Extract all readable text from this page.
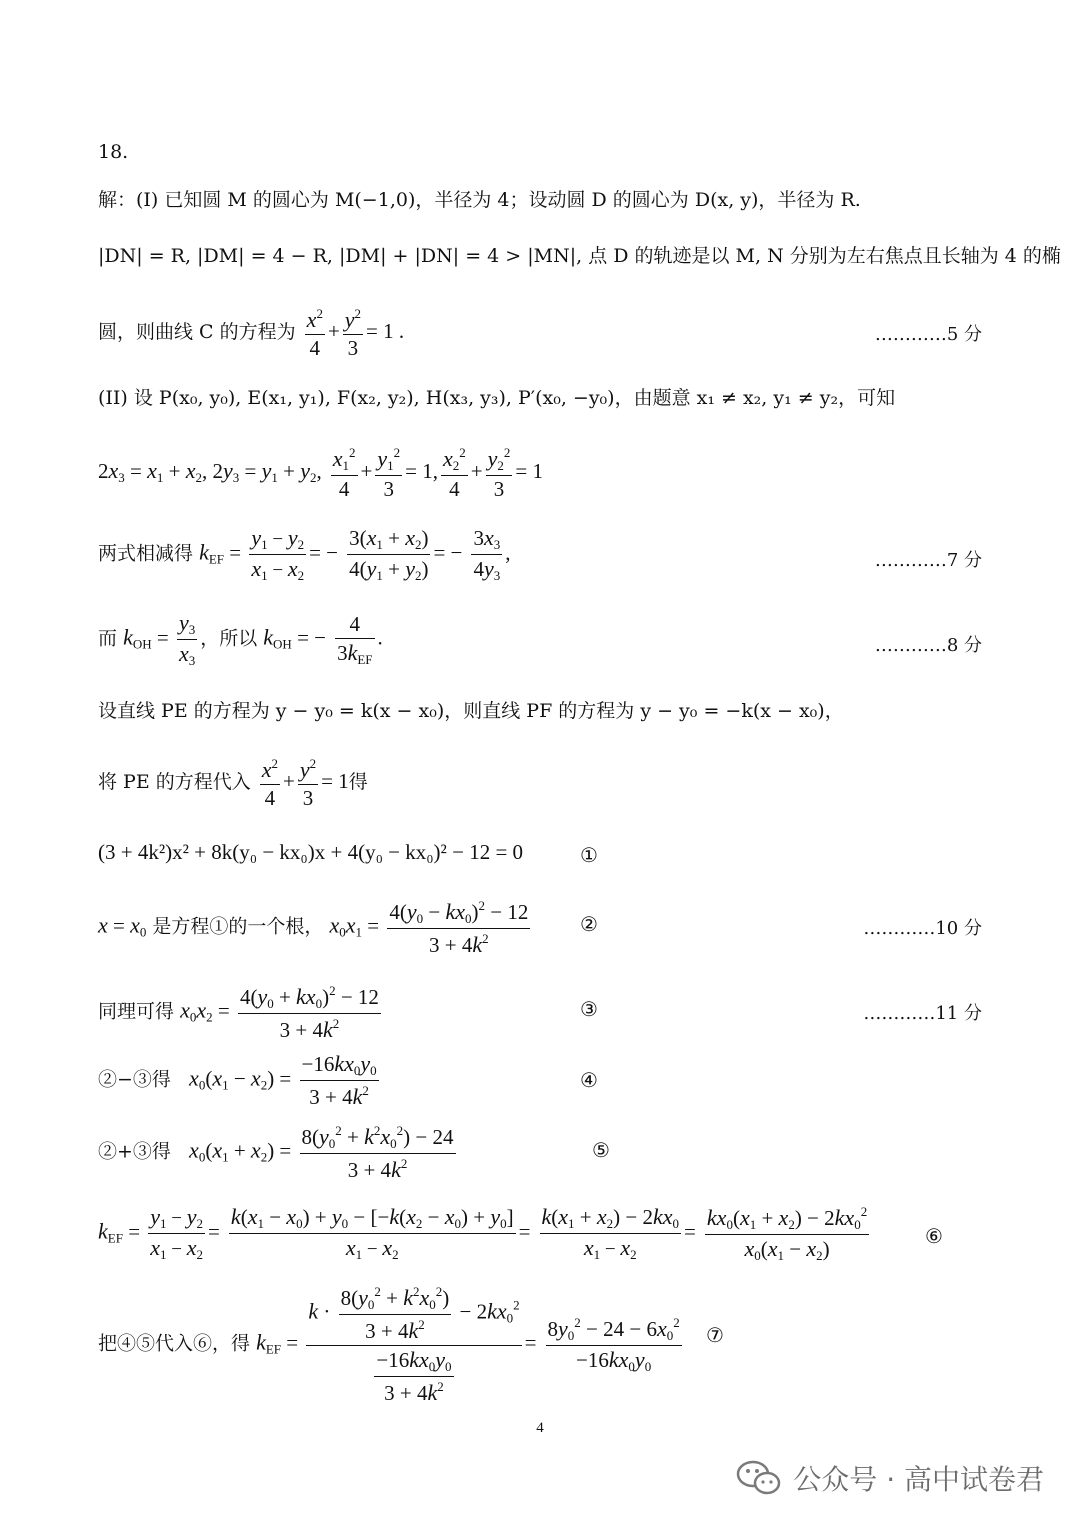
18.
解：(I) 已知圆 M 的圆心为 M(−1,0)，半径为 4；设动圆 D 的圆心为 D(x, y)，半径为 R.
|DN| = R, |DM| = 4 − R, |DM| + |DN| = 4 > |MN|, 点 D 的轨迹是以 M, N 分别为左右焦点且长轴为 4 的椭
圆，则曲线 C 的方程为 $\frac{x^2}{4} + \frac{y^2}{3} = 1$ .	…………5 分
(II) 设 P(x₀, y₀), E(x₁, y₁), F(x₂, y₂), H(x₃, y₃), P′(x₀, −y₀)，由题意 x₁ ≠ x₂, y₁ ≠ y₂，可知
$2x_3 = x_1 + x_2$, $2y_3 = y_1 + y_2$, $\frac{x_1^2}{4} + \frac{y_1^2}{3} = 1$, $\frac{x_2^2}{4} + \frac{y_2^2}{3} = 1$
两式相减得 $k_{EF} = \frac{y_1 - y_2}{x_1 - x_2}$ = − $\frac{3(x_1 + x_2)}{4(y_1 + y_2)}$ = − $\frac{3x_3}{4y_3}$ ,	…………7 分
而 $k_{OH} = \frac{y_3}{x_3}$ ，所以 $k_{OH}$ = − $\frac{4}{3k_{EF}}$ .	…………8 分
设直线 PE 的方程为 y − y₀ = k(x − x₀)，则直线 PF 的方程为 y − y₀ = −k(x − x₀)，
将 PE 的方程代入 $\frac{x^2}{4} + \frac{y^2}{3} = 1$得
(3 + 4k²)x² + 8k(y₀ − kx₀)x + 4(y₀ − kx₀)² − 12 = 0	①
$x = x_0$ 是方程①的一个根， $x_0x_1 = \frac{4(y_0 - kx_0)^2 - 12}{3 + 4k^2}$ ②	…………10 分
同理可得 $x_0x_2 = \frac{4(y_0 + kx_0)^2 - 12}{3 + 4k^2}$	③	…………11 分
②−③得 $x_0(x_1 - x_2) = \frac{-16kx_0y_0}{3 + 4k^2}$	④
②+③得 $x_0(x_1 + x_2) = \frac{8(y_0^2 + k^2x_0^2) - 24}{3 + 4k^2}$	⑤
$k_{EF} = \frac{y_1 - y_2}{x_1 - x_2} = \frac{k(x_1 - x_0) + y_0 - [-k(x_2 - x_0) + y_0]}{x_1 - x_2} = \frac{k(x_1 + x_2) - 2kx_0}{x_1 - x_2} = \frac{kx_0(x_1 + x_2) - 2kx_0^2}{x_0(x_1 - x_2)}$	⑥
把④⑤代入⑥，得 $k_{EF} = \frac{k \cdot \frac{8(y_0^2 + k^2x_0^2)}{3 + 4k^2} - 2kx_0^2}{\frac{-16kx_0y_0}{3 + 4k^2}} = \frac{8y_0^2 - 24 - 6x_0^2}{-16kx_0y_0}$ ⑦
4
公众号 · 高中试卷君
